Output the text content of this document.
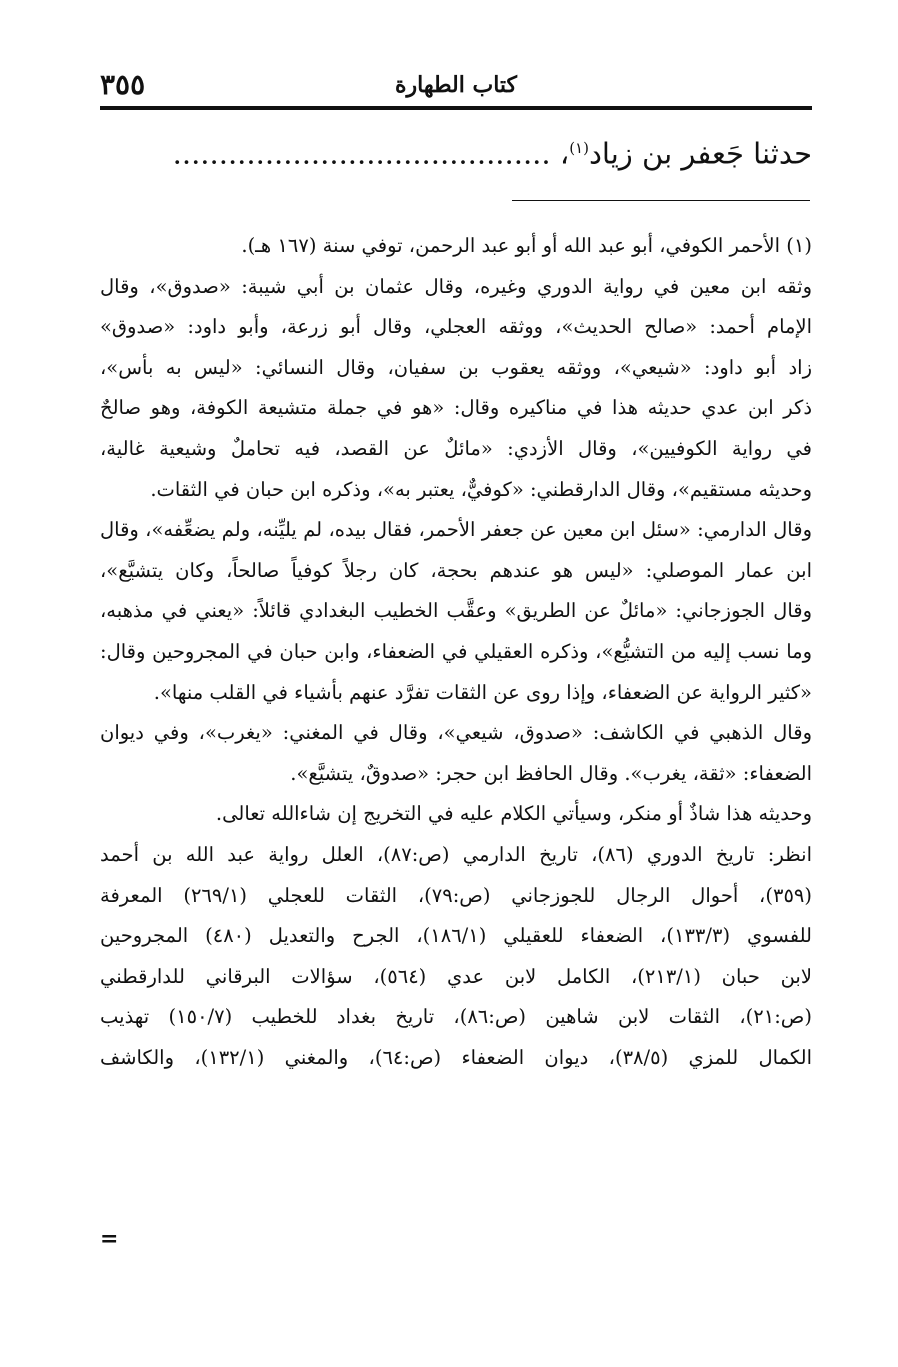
٣٥٥	كتاب الطهارة
حدثنا جَعفر بن زياد$^{(١)}$، .........................................
(١) الأحمر الكوفي، أبو عبد الله أو أبو عبد الرحمن، توفي سنة (١٦٧ هـ).
وثقه ابن معين في رواية الدوري وغيره، وقال عثمان بن أبي شيبة: «صدوق»، وقال
الإمام أحمد: «صالح الحديث»، ووثقه العجلي، وقال أبو زرعة، وأبو داود: «صدوق»
زاد أبو داود: «شيعي»، ووثقه يعقوب بن سفيان، وقال النسائي: «ليس به بأس»،
ذكر ابن عدي حديثه هذا في مناكيره وقال: «هو في جملة متشيعة الكوفة، وهو صالحٌ
في رواية الكوفيين»، وقال الأزدي: «مائلٌ عن القصد، فيه تحاملٌ وشيعية غالية،
وحديثه مستقيم»، وقال الدارقطني: «كوفيٌّ، يعتبر به»، وذكره ابن حبان في الثقات.
وقال الدارمي: «سئل ابن معين عن جعفر الأحمر، فقال بيده، لم يليِّنه، ولم يضعِّفه»، وقال
ابن عمار الموصلي: «ليس هو عندهم بحجة، كان رجلاً كوفياً صالحاً، وكان يتشيَّع»،
وقال الجوزجاني: «مائلٌ عن الطريق» وعقَّب الخطيب البغدادي قائلاً: «يعني في مذهبه،
وما نسب إليه من التشيُّع»، وذكره العقيلي في الضعفاء، وابن حبان في المجروحين وقال:
«كثير الرواية عن الضعفاء، وإذا روى عن الثقات تفرَّد عنهم بأشياء في القلب منها».
وقال الذهبي في الكاشف: «صدوق، شيعي»، وقال في المغني: «يغرب»، وفي ديوان
الضعفاء: «ثقة، يغرب». وقال الحافظ ابن حجر: «صدوقٌ، يتشيَّع».
وحديثه هذا شاذٌ أو منكر، وسيأتي الكلام عليه في التخريج إن شاءالله تعالى.
انظر: تاريخ الدوري (٨٦)، تاريخ الدارمي (ص:٨٧)، العلل رواية عبد الله بن أحمد
(٣٥٩)، أحوال الرجال للجوزجاني (ص:٧٩)، الثقات للعجلي (٢٦٩/١) المعرفة
للفسوي (١٣٣/٣)، الضعفاء للعقيلي (١٨٦/١)، الجرح والتعديل (٤٨٠) المجروحين
لابن حبان (٢١٣/١)، الكامل لابن عدي (٥٦٤)، سؤالات البرقاني للدارقطني
(ص:٢١)، الثقات لابن شاهين (ص:٨٦)، تاريخ بغداد للخطيب (١٥٠/٧) تهذيب
الكمال للمزي (٣٨/٥)، ديوان الضعفاء (ص:٦٤)، والمغني (١٣٢/١)، والكاشف
=
